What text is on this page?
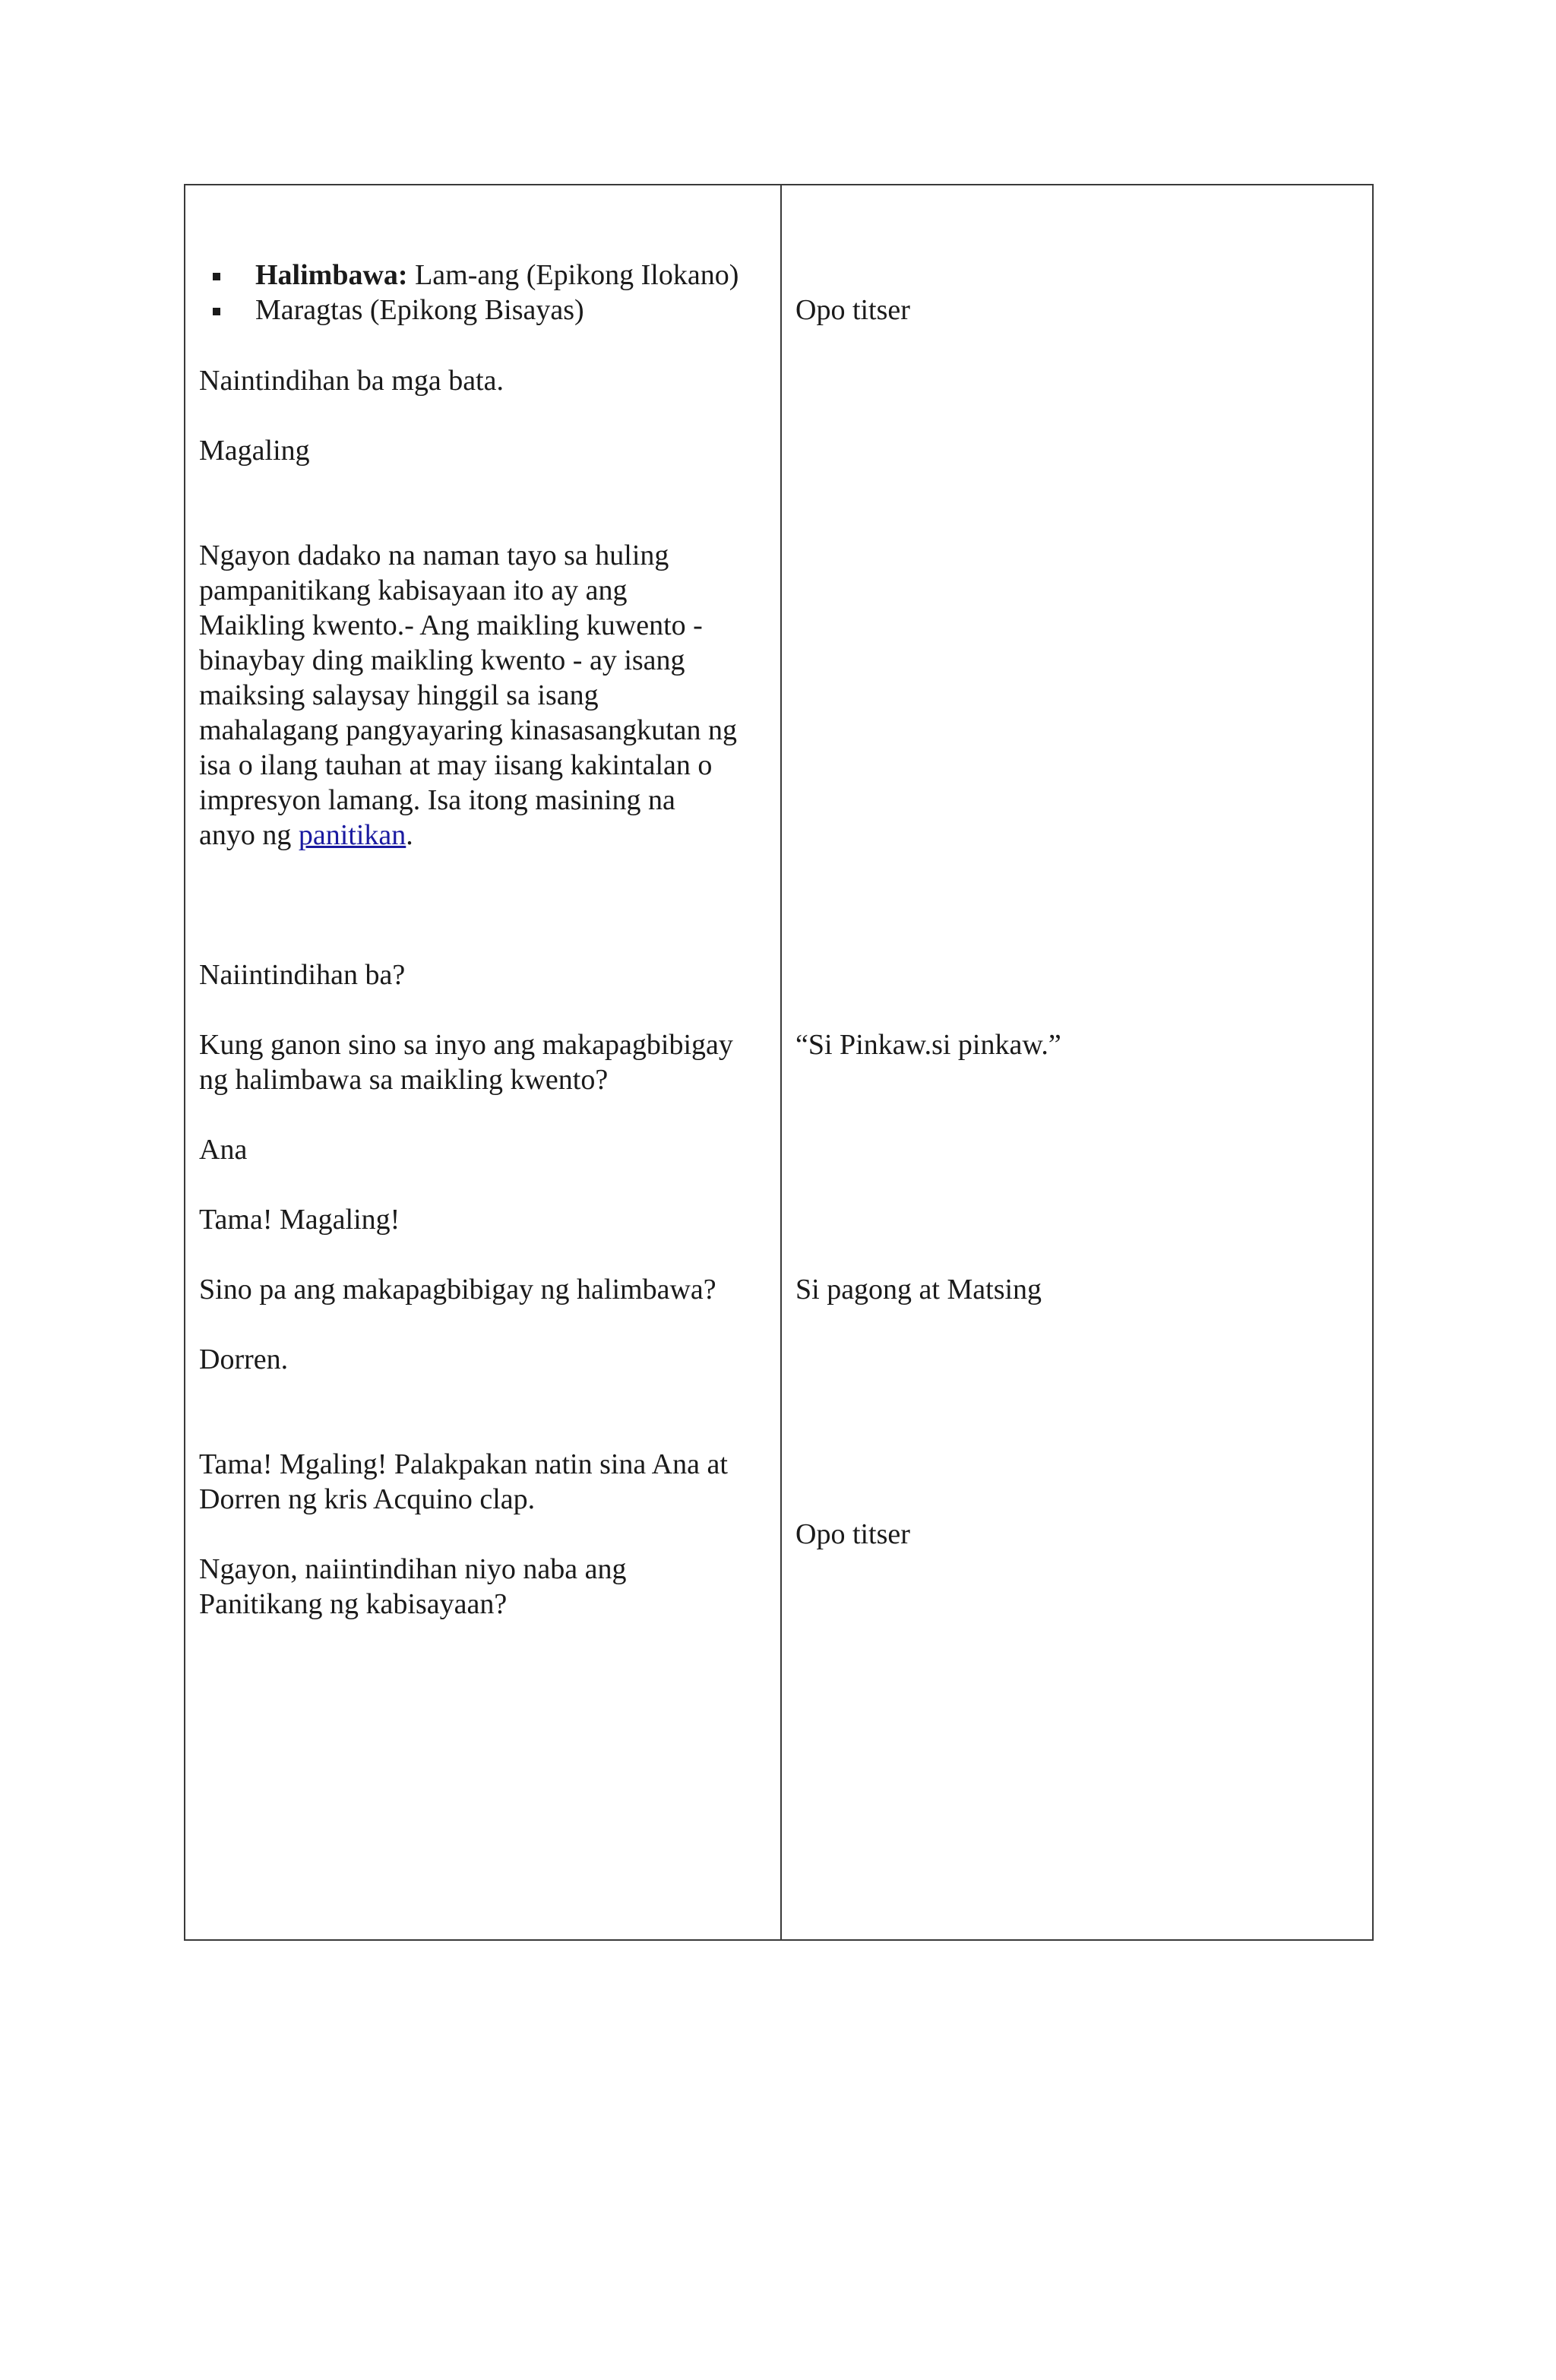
Halimbawa: Lam-ang (Epikong Ilokano)

Maragtas (Epikong Bisayas)

Naintindihan ba mga bata.

Magaling

Ngayon dadako na naman tayo sa huling

pampanitikang kabisayaan ito ay ang

Maikling kwento.- Ang maikling kuwento -

binaybay ding maikling kwento - ay isang

maiksing salaysay hinggil sa isang

mahalagang pangyayaring kinasasangkutan ng

isa o ilang tauhan at may iisang kakintalan o

impresyon lamang. Isa itong masining na

anyo ng panitikan.

Naiintindihan ba?

Kung ganon sino sa inyo ang makapagbibigay

ng halimbawa sa maikling kwento?

Ana

Tama! Magaling!

Sino pa ang makapagbibigay ng halimbawa?

Dorren.

Tama! Mgaling! Palakpakan natin sina Ana at

Dorren ng kris Acquino clap.

Ngayon, naiintindihan niyo naba ang

Panitikang ng kabisayaan?

Opo titser

“Si Pinkaw.si pinkaw.”

Si pagong at Matsing

Opo titser
